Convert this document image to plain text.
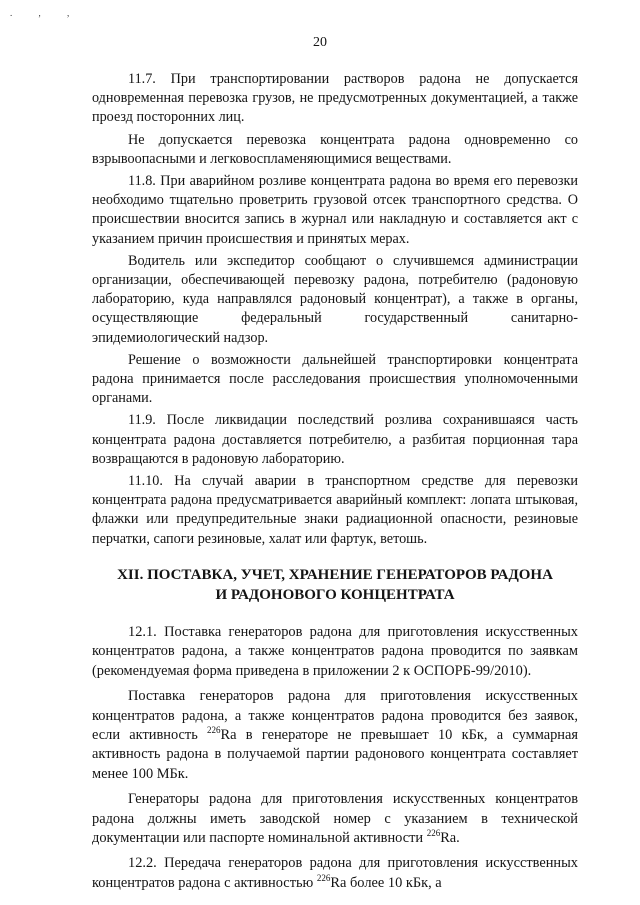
. , ,
20

11.7. При транспортировании растворов радона не допускается одновременная перевозка грузов, не предусмотренных документацией, а также проезд посторонних лиц.

Не допускается перевозка концентрата радона одновременно со взрывоопасными и легковоспламеняющимися веществами.

11.8. При аварийном розливе концентрата радона во время его перевозки необходимо тщательно проветрить грузовой отсек транспортного средства. О происшествии вносится запись в журнал или накладную и составляется акт с указанием причин происшествия и принятых мерах.

Водитель или экспедитор сообщают о случившемся администрации организации, обеспечивающей перевозку радона, потребителю (радоновую лабораторию, куда направлялся радоновый концентрат), а также в органы, осуществляющие федеральный государственный санитарно-эпидемиологический надзор.

Решение о возможности дальнейшей транспортировки концентрата радона принимается после расследования происшествия уполномоченными органами.

11.9. После ликвидации последствий розлива сохранившаяся часть концентрата радона доставляется потребителю, а разбитая порционная тара возвращаются в радоновую лабораторию.

11.10. На случай аварии в транспортном средстве для перевозки концентрата радона предусматривается аварийный комплект: лопата штыковая, флажки или предупредительные знаки радиационной опасности, резиновые перчатки, сапоги резиновые, халат или фартук, ветошь.

XII. ПОСТАВКА, УЧЕТ, ХРАНЕНИЕ ГЕНЕРАТОРОВ РАДОНА
И РАДОНОВОГО КОНЦЕНТРАТА

12.1. Поставка генераторов радона для приготовления искусственных концентратов радона, а также концентратов радона проводится по заявкам (рекомендуемая форма приведена в приложении 2 к ОСПОРБ-99/2010).

Поставка генераторов радона для приготовления искусственных концентратов радона, а также концентратов радона проводится без заявок, если активность $^{226}$Ra в генераторе не превышает 10 кБк, а суммарная активность радона в получаемой партии радонового концентрата составляет менее 100 МБк.

Генераторы радона для приготовления искусственных концентратов радона должны иметь заводской номер с указанием в технической документации или паспорте номинальной активности $^{226}$Ra.

12.2. Передача генераторов радона для приготовления искусственных концентратов радона с активностью $^{226}$Ra более 10 кБк, а
